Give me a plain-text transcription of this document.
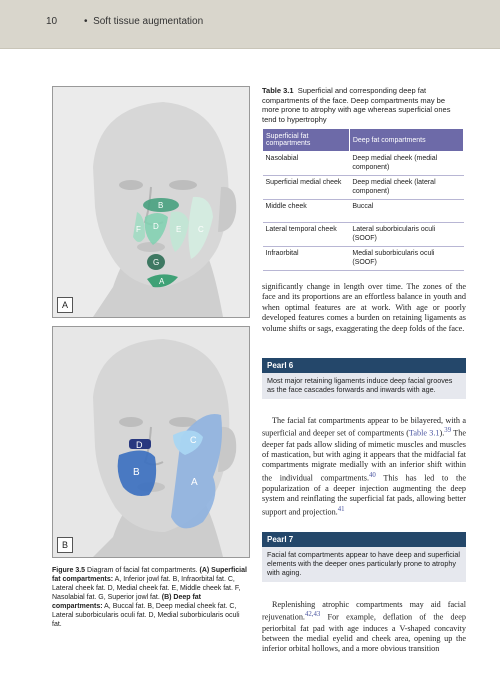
10	• Soft tissue augmentation
B
D
F	E C
G
A
A
C
D
B
A
B
Figure 3.5 Diagram of facial fat compartments. (A) Superficial fat compartments: A, Inferior jowl fat. B, Infraorbital fat. C, Lateral cheek fat. D, Medial cheek fat. E, Middle cheek fat. F, Nasolabial fat. G, Superior jowl fat. (B) Deep fat compartments: A, Buccal fat. B, Deep medial cheek fat. C, Lateral suborbicularis oculi fat. D, Medial suborbicularis oculi fat.
Table 3.1 Superficial and corresponding deep fat compartments of the face. Deep compartments may be more prone to atrophy with age whereas superficial ones tend to hypertrophy
Superficial fat compartments	Deep fat compartments
Nasolabial	Deep medial cheek (medial component)
Superficial medial cheek	Deep medial cheek (lateral component)
Middle cheek	Buccal
Lateral temporal cheek	Lateral suborbicularis oculi (SOOF)
Infraorbital	Medial suborbicularis oculi (SOOF)
significantly change in length over time. The zones of the face and its proportions are an effortless balance in youth and when optimal features are at work. With age or poorly developed features comes a burden on retaining ligaments as volume shifts or sags, exaggerating the deep folds of the face.
Pearl 6
Most major retaining ligaments induce deep facial grooves as the face cascades forwards and inwards with age.
The facial fat compartments appear to be bilayered, with a superficial and deeper set of compartments (Table 3.1).$^{39}$ The deeper fat pads allow sliding of mimetic muscles and muscles of mastication, but with aging it appears that the midfacial fat compartments migrate medially with an inferior shift within the individual compartments.$^{40}$ This has led to the popularization of a deeper injection augmenting the deep system and reinflating the superficial fat pads, allowing better support and projection.$^{41}$
Pearl 7
Facial fat compartments appear to have deep and superficial elements with the deeper ones particularly prone to atrophy with aging.
Replenishing atrophic compartments may aid facial rejuvenation.$^{42,43}$ For example, deflation of the deep periorbital fat pad with age induces a V-shaped concavity between the medial eyelid and cheek area, opening up the inferior orbital hollows, and a more obvious transition
